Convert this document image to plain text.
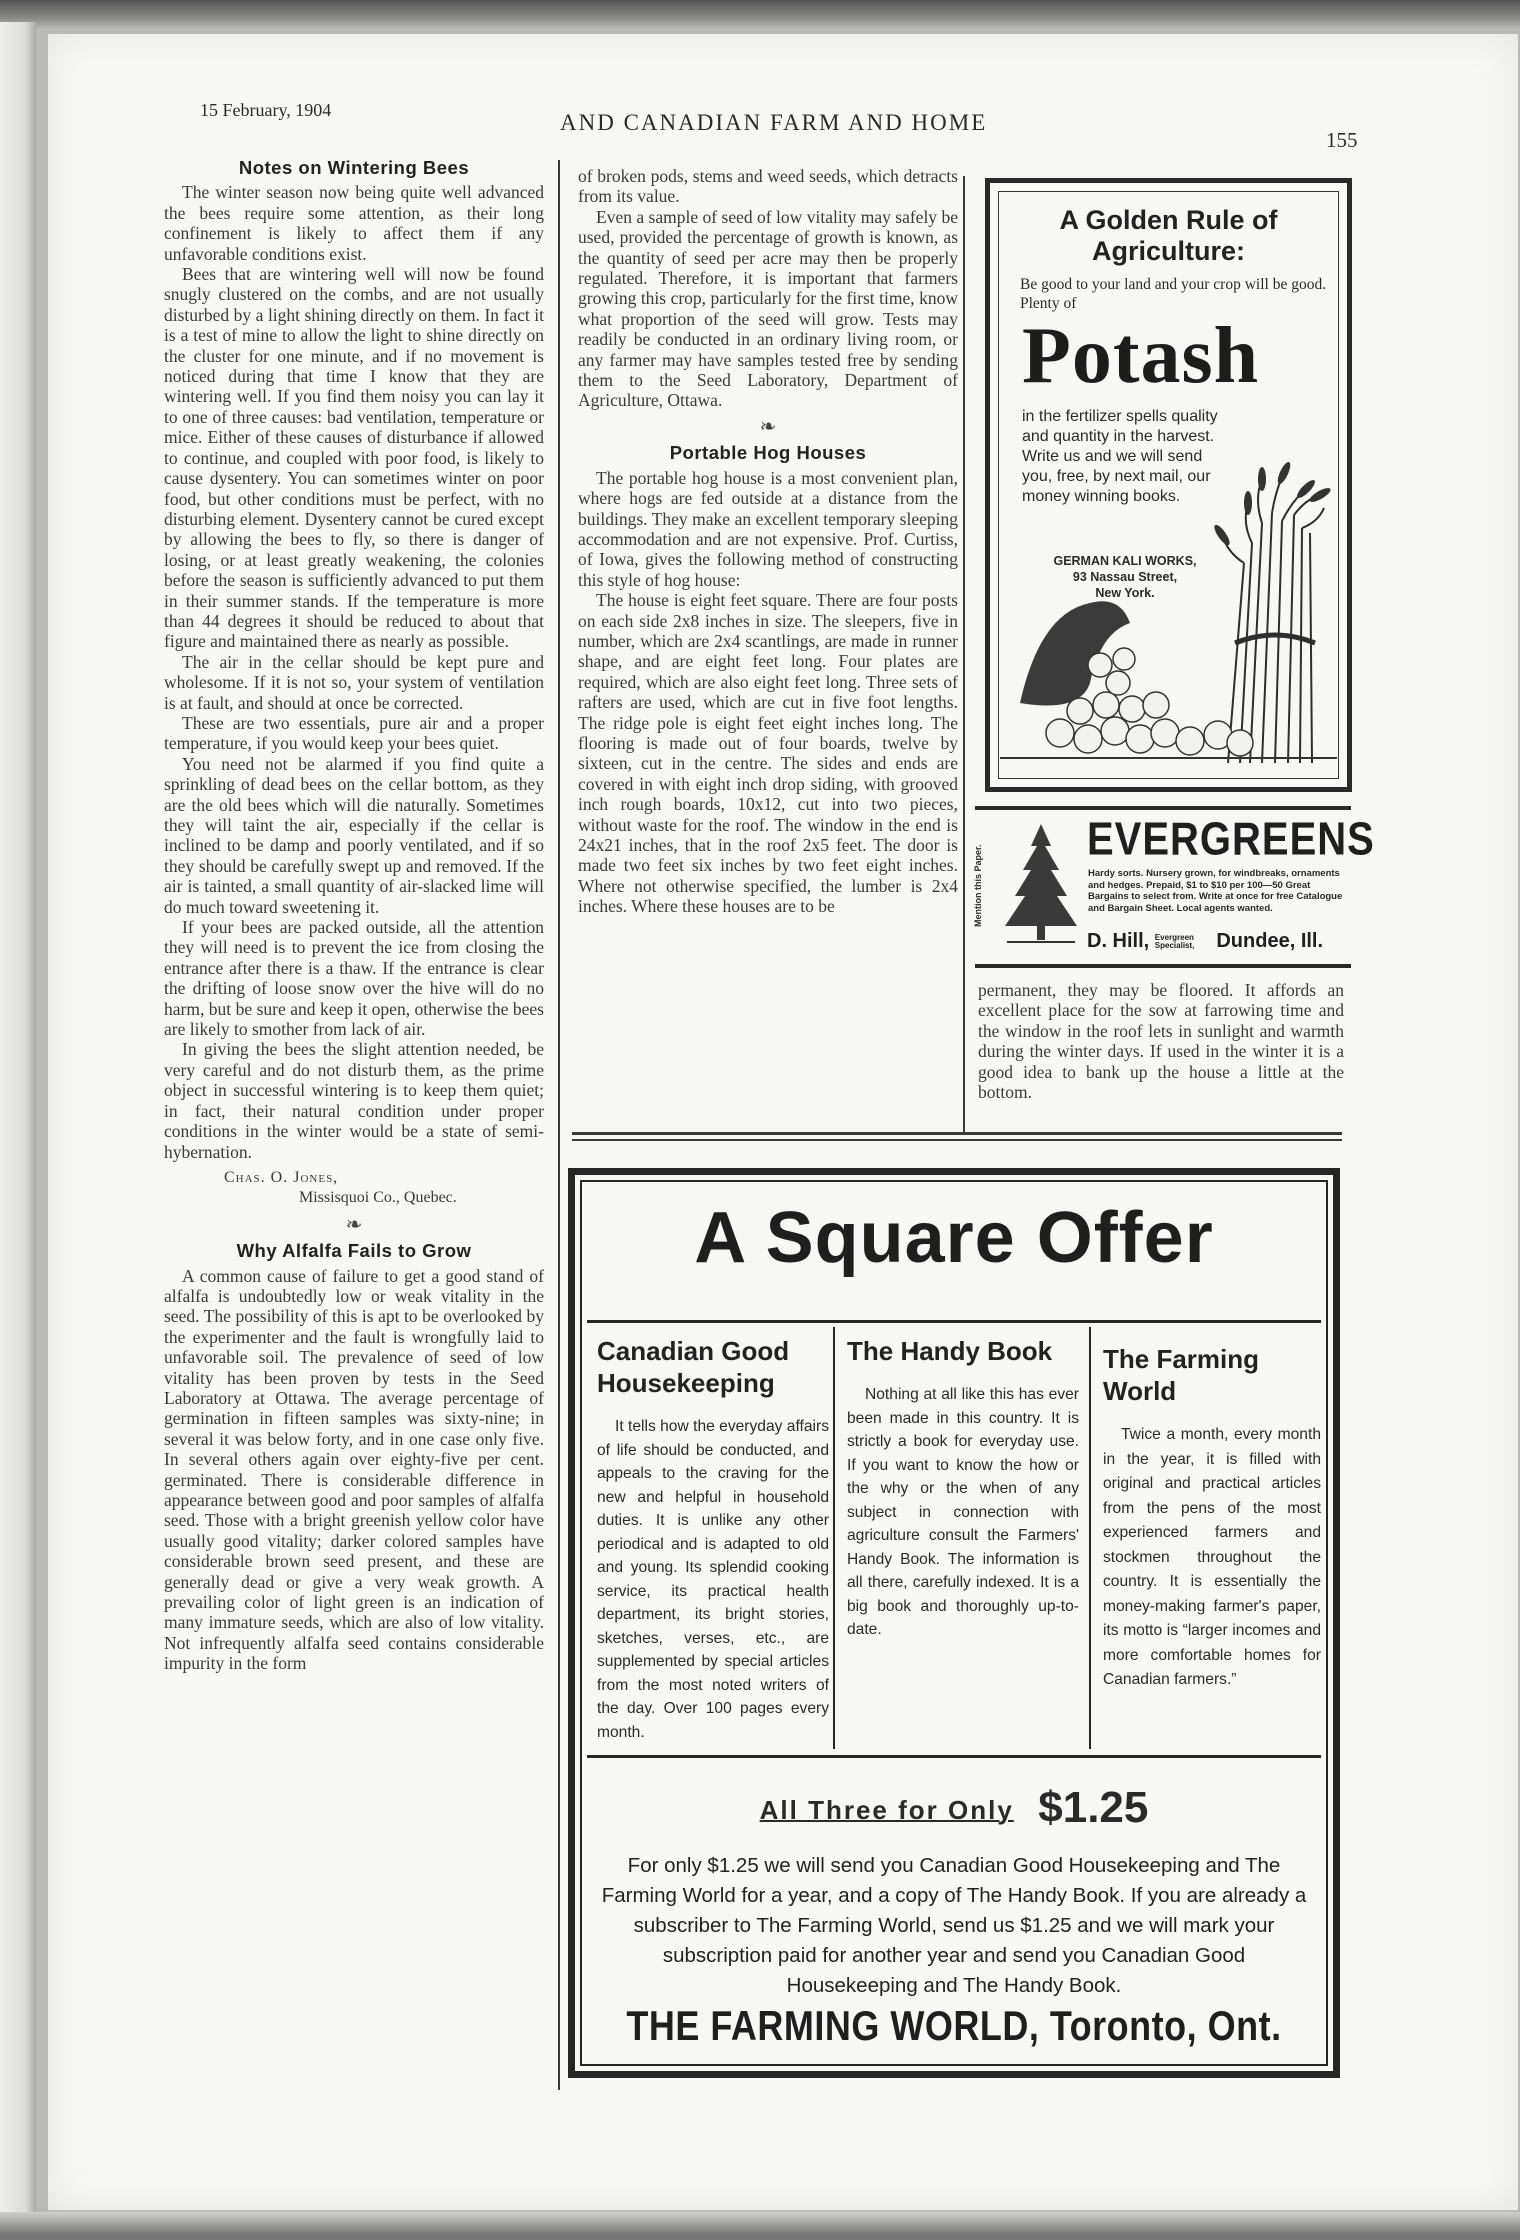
15 February, 1904	AND CANADIAN FARM AND HOME
155
Notes on Wintering Bees

The winter season now being quite well advanced the bees require some attention, as their long confinement is likely to affect them if any unfavorable conditions exist.

Bees that are wintering well will now be found snugly clustered on the combs, and are not usually disturbed by a light shining directly on them. In fact it is a test of mine to allow the light to shine directly on the cluster for one minute, and if no movement is noticed during that time I know that they are wintering well. If you find them noisy you can lay it to one of three causes: bad ventilation, temperature or mice. Either of these causes of disturbance if allowed to continue, and coupled with poor food, is likely to cause dysentery. You can sometimes winter on poor food, but other conditions must be perfect, with no disturbing element. Dysentery cannot be cured except by allowing the bees to fly, so there is danger of losing, or at least greatly weakening, the colonies before the season is sufficiently advanced to put them in their summer stands. If the temperature is more than 44 degrees it should be reduced to about that figure and maintained there as nearly as possible.

The air in the cellar should be kept pure and wholesome. If it is not so, your system of ventilation is at fault, and should at once be corrected.

These are two essentials, pure air and a proper temperature, if you would keep your bees quiet.

You need not be alarmed if you find quite a sprinkling of dead bees on the cellar bottom, as they are the old bees which will die naturally. Sometimes they will taint the air, especially if the cellar is inclined to be damp and poorly ventilated, and if so they should be carefully swept up and removed. If the air is tainted, a small quantity of air-slacked lime will do much toward sweetening it.

If your bees are packed outside, all the attention they will need is to prevent the ice from closing the entrance after there is a thaw. If the entrance is clear the drifting of loose snow over the hive will do no harm, but be sure and keep it open, otherwise the bees are likely to smother from lack of air.

In giving the bees the slight attention needed, be very careful and do not disturb them, as the prime object in successful wintering is to keep them quiet; in fact, their natural condition under proper conditions in the winter would be a state of semi-hybernation.

Chas. O. Jones,
Missisquoi Co., Quebec.
❧
Why Alfalfa Fails to Grow

A common cause of failure to get a good stand of alfalfa is undoubtedly low or weak vitality in the seed. The possibility of this is apt to be overlooked by the experimenter and the fault is wrongfully laid to unfavorable soil. The prevalence of seed of low vitality has been proven by tests in the Seed Laboratory at Ottawa. The average percentage of germination in fifteen samples was sixty-nine; in several it was below forty, and in one case only five. In several others again over eighty-five per cent. germinated. There is considerable difference in appearance between good and poor samples of alfalfa seed. Those with a bright greenish yellow color have usually good vitality; darker colored samples have considerable brown seed present, and these are generally dead or give a very weak growth. A prevailing color of light green is an indication of many immature seeds, which are also of low vitality. Not infrequently alfalfa seed contains considerable impurity in the form

of broken pods, stems and weed seeds, which detracts from its value.

Even a sample of seed of low vitality may safely be used, provided the percentage of growth is known, as the quantity of seed per acre may then be properly regulated. Therefore, it is important that farmers growing this crop, particularly for the first time, know what proportion of the seed will grow. Tests may readily be conducted in an ordinary living room, or any farmer may have samples tested free by sending them to the Seed Laboratory, Department of Agriculture, Ottawa.

❧
Portable Hog Houses

The portable hog house is a most convenient plan, where hogs are fed outside at a distance from the buildings. They make an excellent temporary sleeping accommodation and are not expensive. Prof. Curtiss, of Iowa, gives the following method of constructing this style of hog house:

The house is eight feet square. There are four posts on each side 2x8 inches in size. The sleepers, five in number, which are 2x4 scantlings, are made in runner shape, and are eight feet long. Four plates are required, which are also eight feet long. Three sets of rafters are used, which are cut in five foot lengths. The ridge pole is eight feet eight inches long. The flooring is made out of four boards, twelve by sixteen, cut in the centre. The sides and ends are covered in with eight inch drop siding, with grooved inch rough boards, 10x12, cut into two pieces, without waste for the roof. The window in the end is 24x21 inches, that in the roof 2x5 feet. The door is made two feet six inches by two feet eight inches. Where not otherwise specified, the lumber is 2x4 inches. Where these houses are to be

A Golden Rule of Agriculture:
Be good to your land and your crop will be good. Plenty of
Potash
in the fertilizer spells quality and quantity in the harvest. Write us and we will send you, free, by next mail, our money winning books.
GERMAN KALI WORKS,
93 Nassau Street,
New York.
Mention this Paper.
EVERGREENS
Hardy sorts. Nursery grown, for windbreaks, ornaments and hedges. Prepaid, $1 to $10 per 100—50 Great Bargains to select from. Write at once for free Catalogue and Bargain Sheet. Local agents wanted.
D. Hill, Evergreen Specialist, Dundee, Ill.

permanent, they may be floored. It affords an excellent place for the sow at farrowing time and the window in the roof lets in sunlight and warmth during the winter days. If used in the winter it is a good idea to bank up the house a little at the bottom.

A Square Offer
Canadian Good Housekeeping

It tells how the everyday affairs of life should be conducted, and appeals to the craving for the new and helpful in household duties. It is unlike any other periodical and is adapted to old and young. Its splendid cooking service, its practical health department, its bright stories, sketches, verses, etc., are supplemented by special articles from the most noted writers of the day. Over 100 pages every month.

The Handy Book

Nothing at all like this has ever been made in this country. It is strictly a book for everyday use. If you want to know the how or the why or the when of any subject in connection with agriculture consult the Farmers' Handy Book. The information is all there, carefully indexed. It is a big book and thoroughly up-to-date.

The Farming World

Twice a month, every month in the year, it is filled with original and practical articles from the pens of the most experienced farmers and stockmen throughout the country. It is essentially the money-making farmer's paper, its motto is “larger incomes and more comfortable homes for Canadian farmers.”

All Three for Only $1.25
For only $1.25 we will send you Canadian Good Housekeeping and The Farming World for a year, and a copy of The Handy Book. If you are already a subscriber to The Farming World, send us $1.25 and we will mark your subscription paid for another year and send you Canadian Good Housekeeping and The Handy Book.
THE FARMING WORLD, Toronto, Ont.
